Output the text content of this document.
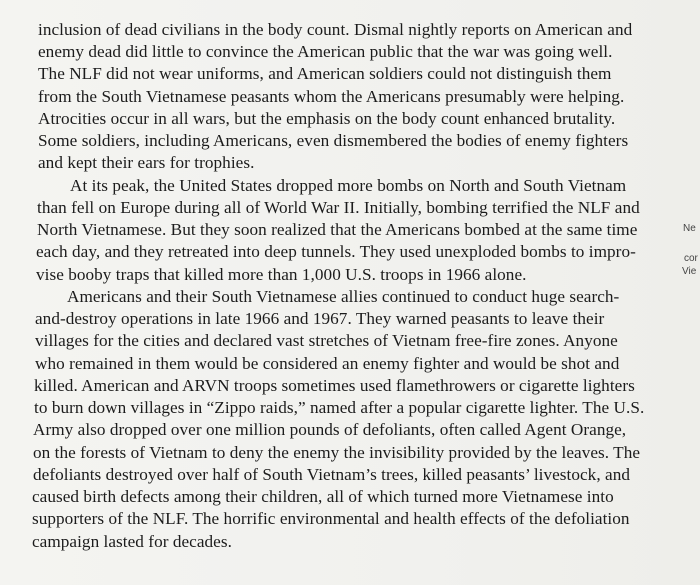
inclusion of dead civilians in the body count. Dismal nightly reports on American and
enemy dead did little to convince the American public that the war was going well.
The NLF did not wear uniforms, and American soldiers could not distinguish them
from the South Vietnamese peasants whom the Americans presumably were helping.
Atrocities occur in all wars, but the emphasis on the body count enhanced brutality.
Some soldiers, including Americans, even dismembered the bodies of enemy fighters
and kept their ears for trophies.
At its peak, the United States dropped more bombs on North and South Vietnam
than fell on Europe during all of World War II. Initially, bombing terrified the NLF and
North Vietnamese. But they soon realized that the Americans bombed at the same time
each day, and they retreated into deep tunnels. They used unexploded bombs to impro-
vise booby traps that killed more than 1,000 U.S. troops in 1966 alone.
Americans and their South Vietnamese allies continued to conduct huge search-
and-destroy operations in late 1966 and 1967. They warned peasants to leave their
villages for the cities and declared vast stretches of Vietnam free-fire zones. Anyone
who remained in them would be considered an enemy fighter and would be shot and
killed. American and ARVN troops sometimes used flamethrowers or cigarette lighters
to burn down villages in “Zippo raids,” named after a popular cigarette lighter. The U.S.
Army also dropped over one million pounds of defoliants, often called Agent Orange,
on the forests of Vietnam to deny the enemy the invisibility provided by the leaves. The
defoliants destroyed over half of South Vietnam’s trees, killed peasants’ livestock, and
caused birth defects among their children, all of which turned more Vietnamese into
supporters of the NLF. The horrific environmental and health effects of the defoliation
campaign lasted for decades.
Ne
cor
Vie
